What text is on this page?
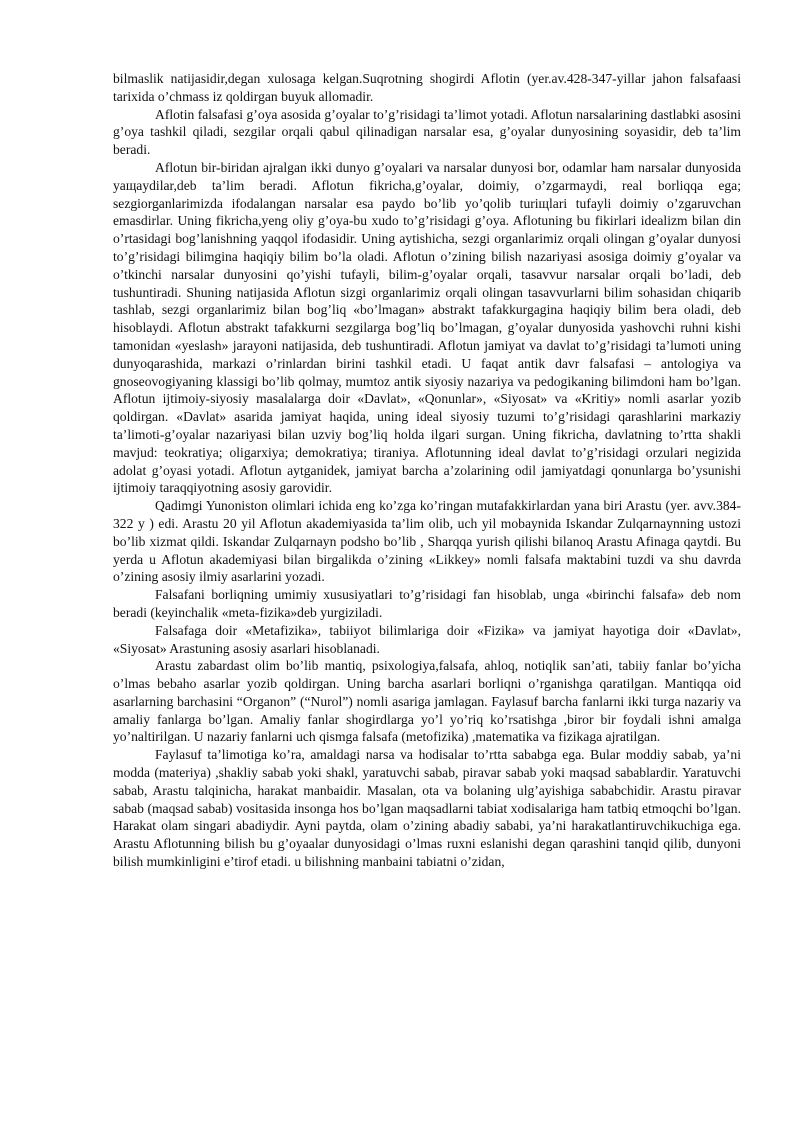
bilmaslik natijasidir,degan xulosaga kelgan.Suqrotning shogirdi Aflotin (yer.av.428-347-yillar jahon falsafaasi tarixida o’chmass iz qoldirgan buyuk allomadir.

Aflotin falsafasi g’oya asosida g’oyalar to’g’risidagi ta’limot yotadi. Aflotun narsalarining dastlabki asosini g’oya tashkil qiladi, sezgilar orqali qabul qilinadigan narsalar esa, g’oyalar dunyosining soyasidir, deb ta’lim beradi.

Aflotun bir-biridan ajralgan ikki dunyo g’oyalari va narsalar dunyosi bor, odamlar ham narsalar dunyosida yaщaydilar,deb ta’lim beradi. Aflotun fikricha,g’oyalar, doimiy, o’zgarmaydi, real borliqqa ega; sezgiorganlarimizda ifodalangan narsalar esa paydo bo’lib yo’qolib turiщlari tufayli doimiy o’zgaruvchan emasdirlar. Uning fikricha,yeng oliy g’oya-bu xudo to’g’risidagi g’oya. Aflotuning bu fikirlari idealizm bilan din o’rtasidagi bog’lanishning yaqqol ifodasidir. Uning aytishicha, sezgi organlarimiz orqali olingan g’oyalar dunyosi to’g’risidagi bilimgina haqiqiy bilim bo’la oladi. Aflotun o’zining bilish nazariyasi asosiga doimiy g’oyalar va o’tkinchi narsalar dunyosini qo’yishi tufayli, bilim-g’oyalar orqali, tasavvur narsalar orqali bo’ladi, deb tushuntiradi. Shuning natijasida Aflotun sizgi organlarimiz orqali olingan tasavvurlarni bilim sohasidan chiqarib tashlab, sezgi organlarimiz bilan bog’liq «bo’lmagan» abstrakt tafakkurgagina haqiqiy bilim bera oladi, deb hisoblaydi. Aflotun abstrakt tafakkurni sezgilarga bog’liq bo’lmagan, g’oyalar dunyosida yashovchi ruhni kishi tamonidan «yeslash» jarayoni natijasida, deb tushuntiradi. Aflotun jamiyat va davlat to’g’risidagi ta’lumoti uning dunyoqarashida, markazi o’rinlardan birini tashkil etadi. U faqat antik davr falsafasi – antologiya va gnoseovogiyaning klassigi bo’lib qolmay, mumtoz antik siyosiy nazariya va pedogikaning bilimdoni ham bo’lgan. Aflotun ijtimoiy-siyosiy masalalarga doir «Davlat», «Qonunlar», «Siyosat» va «Kritiy» nomli asarlar yozib qoldirgan. «Davlat» asarida jamiyat haqida, uning ideal siyosiy tuzumi to’g’risidagi qarashlarini markaziy ta’limoti-g’oyalar nazariyasi bilan uzviy bog’liq holda ilgari surgan. Uning fikricha, davlatning to’rtta shakli mavjud: teokratiya; oligarxiya; demokratiya; tiraniya. Aflotunning ideal davlat to’g’risidagi orzulari negizida adolat g’oyasi yotadi. Aflotun aytganidek, jamiyat barcha a’zolarining odil jamiyatdagi qonunlarga bo’ysunishi ijtimoiy taraqqiyotning asosiy garovidir.

Qadimgi Yunoniston olimlari ichida eng ko’zga ko’ringan mutafakkirlardan yana biri Arastu (yer. avv.384-322 y ) edi. Arastu 20 yil Aflotun akademiyasida ta’lim olib, uch yil mobaynida Iskandar Zulqarnaynning ustozi bo’lib xizmat qildi. Iskandar Zulqarnayn podsho bo’lib , Sharqqa yurish qilishi bilanoq Arastu Afinaga qaytdi. Bu yerda u Aflotun akademiyasi bilan birgalikda o’zining «Likkey» nomli falsafa maktabini tuzdi va shu davrda o’zining asosiy ilmiy asarlarini yozadi.

Falsafani borliqning umimiy xususiyatlari to’g’risidagi fan hisoblab, unga «birinchi falsafa» deb nom beradi (keyinchalik «meta-fizika»deb yurgiziladi.

Falsafaga doir «Metafizika», tabiiyot bilimlariga doir «Fizika» va jamiyat hayotiga doir «Davlat», «Siyosat» Arastuning asosiy asarlari hisoblanadi.

Arastu zabardast olim bo’lib mantiq, psixologiya,falsafa, ahloq, notiqlik san’ati, tabiiy fanlar bo’yicha o’lmas bebaho asarlar yozib qoldirgan. Uning barcha asarlari borliqni o’rganishga qaratilgan. Mantiqqa oid asarlarning barchasini “Organon” (“Nurol”) nomli asariga jamlagan. Faylasuf barcha fanlarni ikki turga nazariy va amaliy fanlarga bo’lgan. Amaliy fanlar shogirdlarga yo’l yo’riq ko’rsatishga ,biror bir foydali ishni amalga yo’naltirilgan. U nazariy fanlarni uch qismga falsafa (metofizika) ,matematika va fizikaga ajratilgan.

Faylasuf ta’limotiga ko’ra, amaldagi narsa va hodisalar to’rtta sababga ega. Bular moddiy sabab, ya’ni modda (materiya) ,shakliy sabab yoki shakl, yaratuvchi sabab, piravar sabab yoki maqsad sabablardir. Yaratuvchi sabab, Arastu talqinicha, harakat manbaidir. Masalan, ota va bolaning ulg’ayishiga sababchidir. Arastu piravar sabab (maqsad sabab) vositasida insonga hos bo’lgan maqsadlarni tabiat xodisalariga ham tatbiq etmoqchi bo’lgan. Harakat olam singari abadiydir. Ayni paytda, olam o’zining abadiy sababi, ya’ni harakatlantiruvchikuchiga ega. Arastu Aflotunning bilish bu g’oyaalar dunyosidagi o’lmas ruxni eslanishi degan qarashini tanqid qilib, dunyoni bilish mumkinligini e’tirof etadi. u bilishning manbaini tabiatni o’zidan,
